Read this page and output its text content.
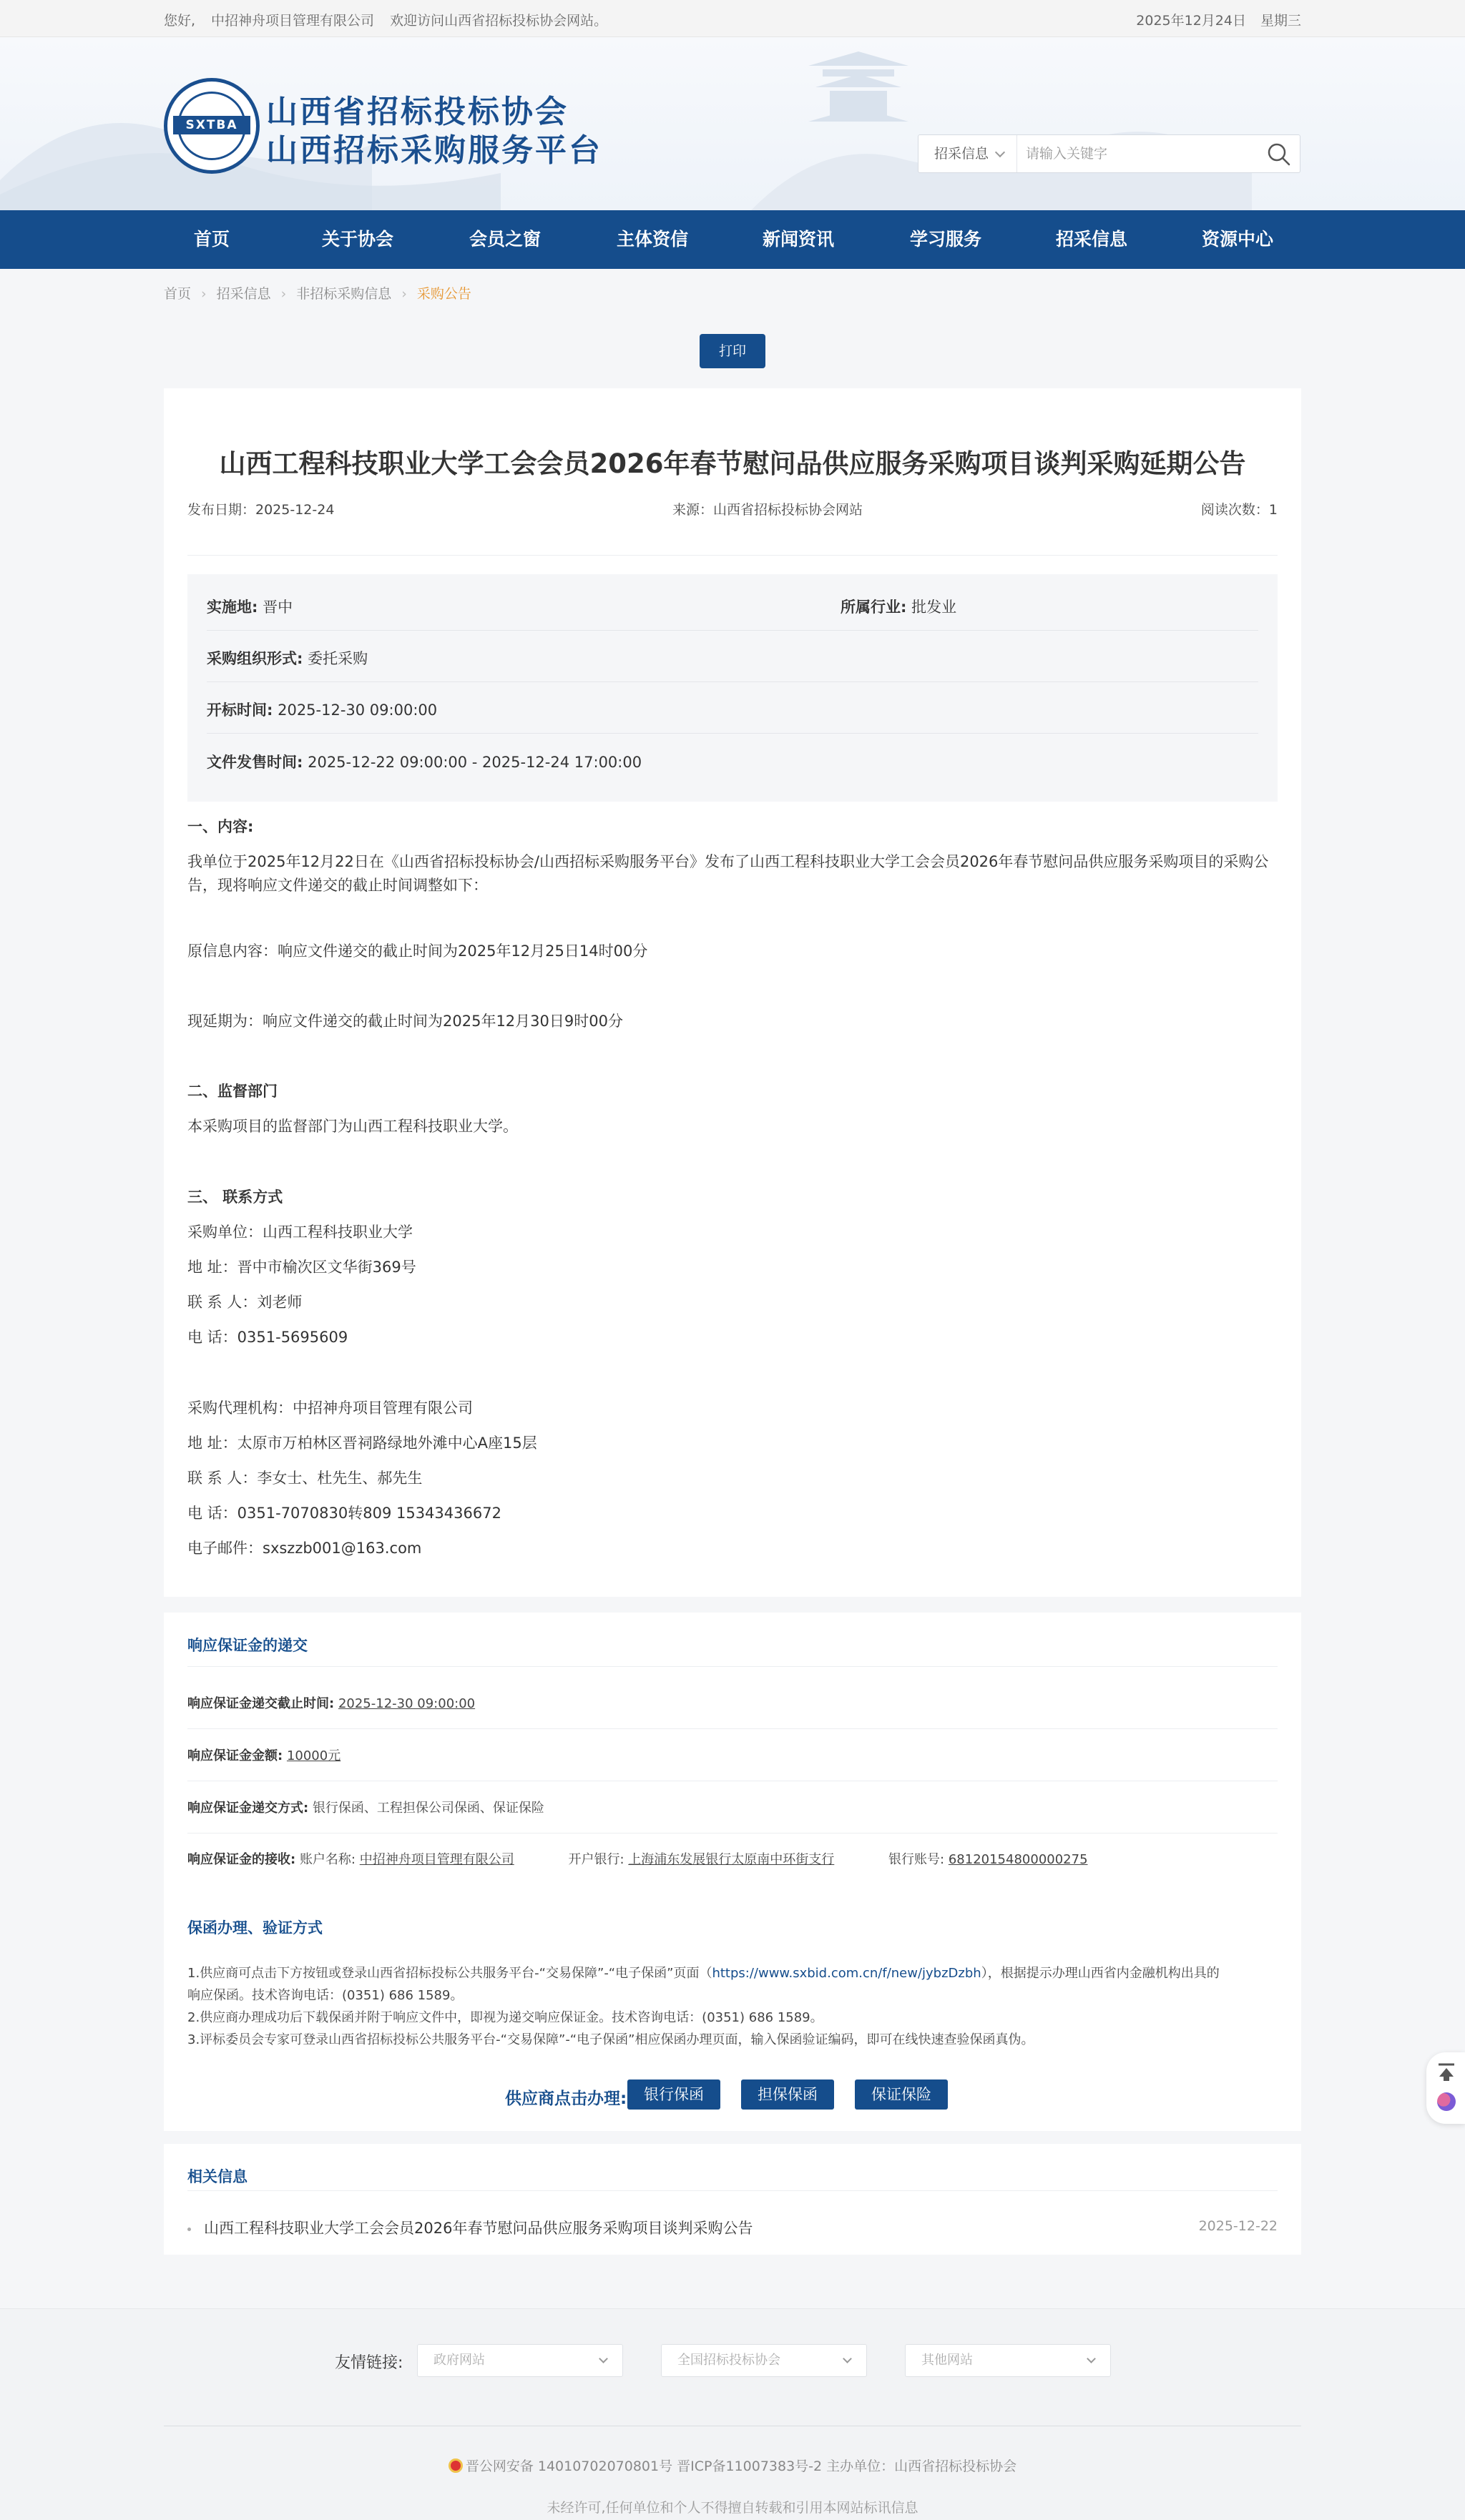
您好, 中招神舟项目管理有限公司 欢迎访问山西省招标投标协会网站。	2025年12月24日 星期三
SXTBA 山西省招标投标协会
山西招标采购服务平台	招采信息
请输入关键字
首页	关于协会	会员之窗	主体资信	新闻资讯	学习服务	招采信息	资源中心
首页 › 招采信息 › 非招标采购信息 › 采购公告
打印
山西工程科技职业大学工会会员2026年春节慰问品供应服务采购项目谈判采购延期公告
发布日期：2025-12-24	来源：山西省招标投标协会网站	阅读次数：1
实施地: 晋中	所属行业: 批发业
采购组织形式: 委托采购
开标时间: 2025-12-30 09:00:00
文件发售时间: 2025-12-22 09:00:00 - 2025-12-24 17:00:00
一、内容:
我单位于2025年12月22日在《山西省招标投标协会/山西招标采购服务平台》发布了山西工程科技职业大学工会会员2026年春节慰问品供应服务采购项目的采购公告，现将响应文件递交的截止时间调整如下：
原信息内容：响应文件递交的截止时间为2025年12月25日14时00分
现延期为：响应文件递交的截止时间为2025年12月30日9时00分
二、监督部门
本采购项目的监督部门为山西工程科技职业大学。
三、 联系方式
采购单位：山西工程科技职业大学
地 址：晋中市榆次区文华街369号
联 系 人：刘老师
电 话：0351-5695609
采购代理机构：中招神舟项目管理有限公司
地 址：太原市万柏林区晋祠路绿地外滩中心A座15层
联 系 人：李女士、杜先生、郝先生
电 话：0351-7070830转809 15343436672
电子邮件：sxszzb001@163.com
响应保证金的递交
响应保证金递交截止时间: 2025-12-30 09:00:00
响应保证金金额: 10000元
响应保证金递交方式: 银行保函、工程担保公司保函、保证保险
响应保证金的接收: 账户名称: 中招神舟项目管理有限公司	开户银行: 上海浦东发展银行太原南中环街支行	银行账号: 68120154800000275
保函办理、验证方式
1.供应商可点击下方按钮或登录山西省招标投标公共服务平台-“交易保障”-“电子保函”页面（https://www.sxbid.com.cn/f/new/jybzDzbh），根据提示办理山西省内金融机构出具的
响应保函。技术咨询电话：(0351) 686 1589。
2.供应商办理成功后下载保函并附于响应文件中，即视为递交响应保证金。技术咨询电话：(0351) 686 1589。
3.评标委员会专家可登录山西省招标投标公共服务平台-“交易保障”-“电子保函”相应保函办理页面，输入保函验证编码，即可在线快速查验保函真伪。
供应商点击办理:	银行保函	担保保函	保证保险
相关信息
山西工程科技职业大学工会会员2026年春节慰问品供应服务采购项目谈判采购公告	2025-12-22
友情链接:	政府网站	全国招标投标协会	其他网站
晋公网安备 14010702070801号 晋ICP备11007383号-2 主办单位：山西省招标投标协会
未经许可,任何单位和个人不得擅自转载和引用本网站标讯信息
